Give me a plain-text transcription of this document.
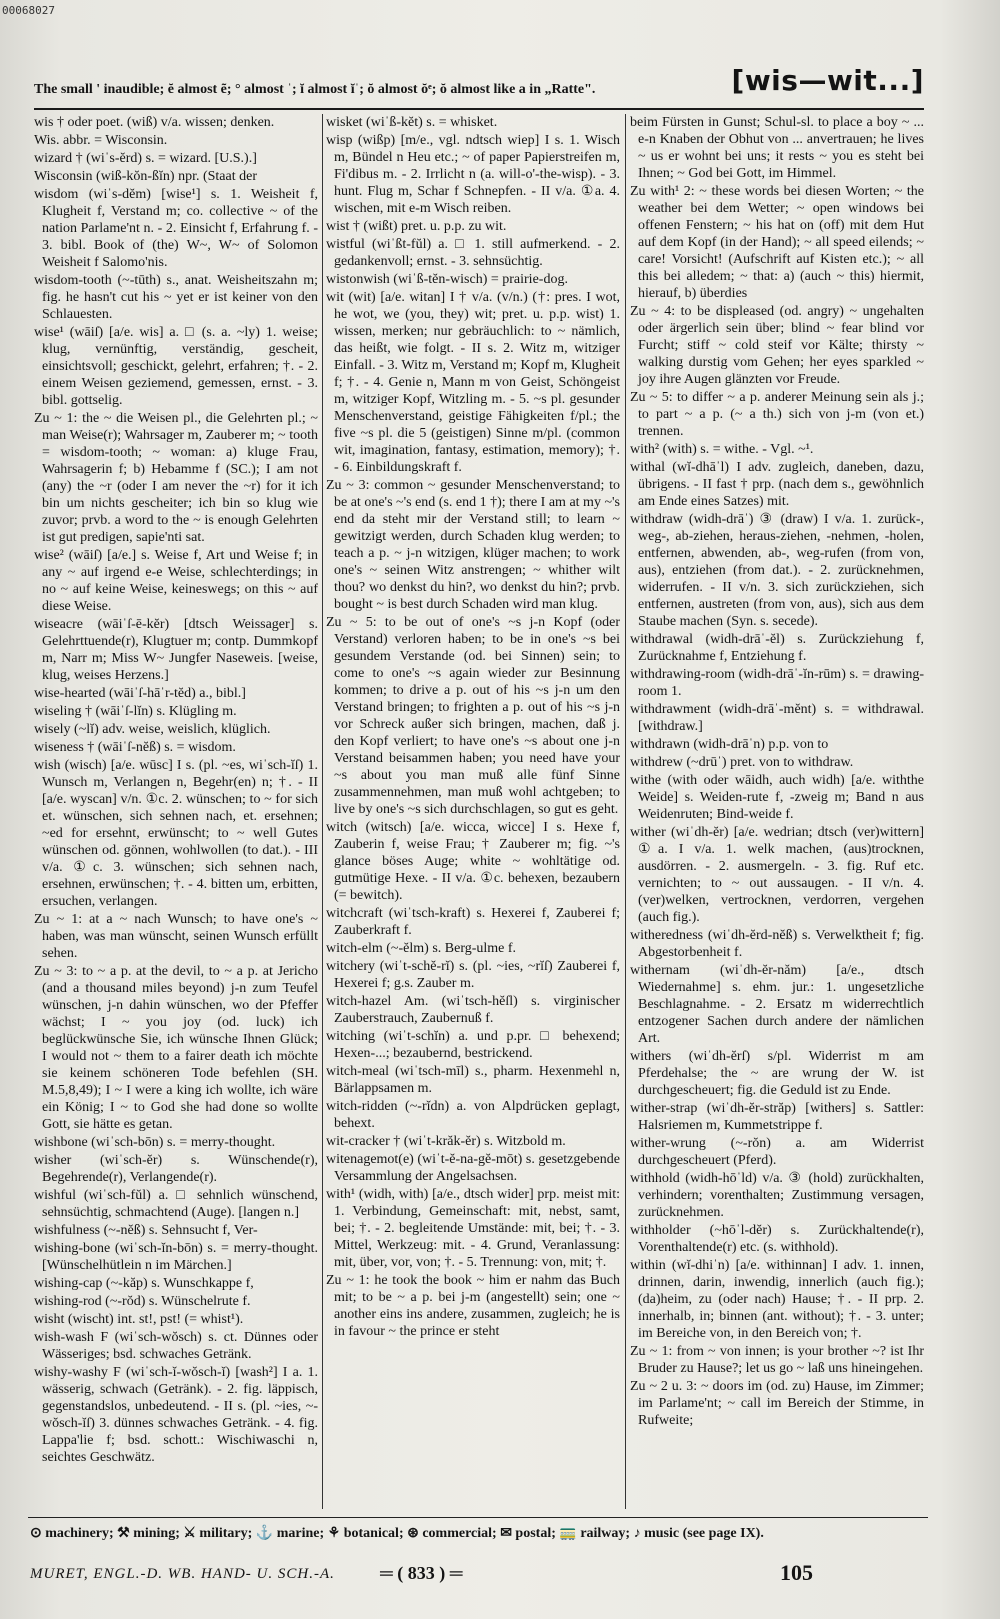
00068027
The small ' inaudible; ĕ almost ẽ; ° almost ˈ; ĭ almost ĭˈ; ŏ almost ŏᵉ; ŏ almost like a in „Ratte".	[wis—wit...]

wis † oder poet. (wiß) v/a. wissen; denken.

Wis. abbr. = Wisconsin.

wizard † (wiˈs-ĕrd) s. = wizard. [U.S.).]

Wisconsin (wiß-kŏn-ßĭn) npr. (Staat der

wisdom (wiˈs-dĕm) [wise¹] s. 1. Weisheit f, Klugheit f, Verstand m; co. collective ~ of the nation Parlame'nt n. - 2. Einsicht f, Erfahrung f. - 3. bibl. Book of (the) W~, W~ of Solomon Weisheit f Salomo'nis.

wisdom-tooth (~-tūth) s., anat. Weisheitszahn m; fig. he hasn't cut his ~ yet er ist keiner von den Schlauesten.

wise¹ (wāiſ) [a/e. wis] a. □ (s. a. ~ly) 1. weise; klug, vernünftig, verständig, gescheit, einsichtsvoll; geschickt, gelehrt, erfahren; †. - 2. einem Weisen geziemend, gemessen, ernst. - 3. bibl. gottselig.

Zu ~ 1: the ~ die Weisen pl., die Gelehrten pl.; ~ man Weise(r); Wahrsager m, Zauberer m; ~ tooth = wisdom-tooth; ~ woman: a) kluge Frau, Wahrsagerin f; b) Hebamme f (SC.); I am not (any) the ~r (oder I am never the ~r) for it ich bin um nichts gescheiter; ich bin so klug wie zuvor; prvb. a word to the ~ is enough Gelehrten ist gut predigen, sapie'nti sat.

wise² (wāiſ) [a/e.] s. Weise f, Art und Weise f; in any ~ auf irgend e-e Weise, schlechterdings; in no ~ auf keine Weise, keineswegs; on this ~ auf diese Weise.

wiseacre (wāiˈſ-ē-kĕr) [dtsch Weissager] s. Gelehrttuende(r), Klugtuer m; contp. Dummkopf m, Narr m; Miss W~ Jungfer Naseweis. [weise, klug, weises Herzens.]

wise-hearted (wāiˈſ-hāˈr-tĕd) a., bibl.]

wiseling † (wāiˈſ-lĭn) s. Klügling m.

wisely (~lĭ) adv. weise, weislich, klüglich.

wiseness † (wāiˈſ-nĕß) s. = wisdom.

wish (wisch) [a/e. wūsc] I s. (pl. ~es, wiˈsch-ĭſ) 1. Wunsch m, Verlangen n, Begehr(en) n; †. - II [a/e. wyscan] v/n. ①c. 2. wünschen; to ~ for sich et. wünschen, sich sehnen nach, et. ersehnen; ~ed for ersehnt, erwünscht; to ~ well Gutes wünschen od. gönnen, wohlwollen (to dat.). - III v/a. ①c. 3. wünschen; sich sehnen nach, ersehnen, erwünschen; †. - 4. bitten um, erbitten, ersuchen, verlangen.

Zu ~ 1: at a ~ nach Wunsch; to have one's ~ haben, was man wünscht, seinen Wunsch erfüllt sehen.

Zu ~ 3: to ~ a p. at the devil, to ~ a p. at Jericho (and a thousand miles beyond) j-n zum Teufel wünschen, j-n dahin wünschen, wo der Pfeffer wächst; I ~ you joy (od. luck) ich beglückwünsche Sie, ich wünsche Ihnen Glück; I would not ~ them to a fairer death ich möchte sie keinem schöneren Tode befehlen (SH. M.5,8,49); I ~ I were a king ich wollte, ich wäre ein König; I ~ to God she had done so wollte Gott, sie hätte es getan.

wishbone (wiˈsch-bōn) s. = merry-thought.

wisher (wiˈsch-ĕr) s. Wünschende(r), Begehrende(r), Verlangende(r).

wishful (wiˈsch-fŭl) a. □ sehnlich wünschend, sehnsüchtig, schmachtend (Auge). [langen n.]

wishfulness (~-nĕß) s. Sehnsucht f, Ver-

wishing-bone (wiˈsch-ĭn-bōn) s. = merry-thought. [Wünschelhütlein n im Märchen.]

wishing-cap (~-kăp) s. Wunschkappe f,

wishing-rod (~-rŏd) s. Wünschelrute f.

wisht (wischt) int. st!, pst! (= whist¹).

wish-wash F (wiˈsch-wŏsch) s. ct. Dünnes oder Wässeriges; bsd. schwaches Getränk.

wishy-washy F (wiˈsch-ĭ-wŏsch-ĭ) [wash²] I a. 1. wässerig, schwach (Getränk). - 2. fig. läppisch, gegenstandslos, unbedeutend. - II s. (pl. ~ies, ~-wŏsch-ĭſ) 3. dünnes schwaches Getränk. - 4. fig. Lappa'lie f; bsd. schott.: Wischiwaschi n, seichtes Geschwätz.

wisket (wiˈß-kĕt) s. = whisket.

wisp (wißp) [m/e., vgl. ndtsch wiep] I s. 1. Wisch m, Bündel n Heu etc.; ~ of paper Papierstreifen m, Fi'dibus m. - 2. Irrlicht n (a. will-o'-the-wisp). - 3. hunt. Flug m, Schar f Schnepfen. - II v/a. ①a. 4. wischen, mit e-m Wisch reiben.

wist † (wißt) pret. u. p.p. zu wit.

wistful (wiˈßt-fŭl) a. □ 1. still aufmerkend. - 2. gedankenvoll; ernst. - 3. sehnsüchtig.

wistonwish (wiˈß-tĕn-wisch) = prairie-dog.

wit (wit) [a/e. witan] I † v/a. (v/n.) (†: pres. I wot, he wot, we (you, they) wit; pret. u. p.p. wist) 1. wissen, merken; nur gebräuchlich: to ~ nämlich, das heißt, wie folgt. - II s. 2. Witz m, witziger Einfall. - 3. Witz m, Verstand m; Kopf m, Klugheit f; †. - 4. Genie n, Mann m von Geist, Schöngeist m, witziger Kopf, Witzling m. - 5. ~s pl. gesunder Menschenverstand, geistige Fähigkeiten f/pl.; the five ~s pl. die 5 (geistigen) Sinne m/pl. (common wit, imagination, fantasy, estimation, memory); †. - 6. Einbildungskraft f.

Zu ~ 3: common ~ gesunder Menschenverstand; to be at one's ~'s end (s. end 1 †); there I am at my ~'s end da steht mir der Verstand still; to learn ~ gewitzigt werden, durch Schaden klug werden; to teach a p. ~ j-n witzigen, klüger machen; to work one's ~ seinen Witz anstrengen; ~ whither wilt thou? wo denkst du hin?, wo denkst du hin?; prvb. bought ~ is best durch Schaden wird man klug.

Zu ~ 5: to be out of one's ~s j-n Kopf (oder Verstand) verloren haben; to be in one's ~s bei gesundem Verstande (od. bei Sinnen) sein; to come to one's ~s again wieder zur Besinnung kommen; to drive a p. out of his ~s j-n um den Verstand bringen; to frighten a p. out of his ~s j-n vor Schreck außer sich bringen, machen, daß j. den Kopf verliert; to have one's ~s about one j-n Verstand beisammen haben; you need have your ~s about you man muß alle fünf Sinne zusammennehmen, man muß wohl achtgeben; to live by one's ~s sich durchschlagen, so gut es geht.

witch (witsch) [a/e. wicca, wicce] I s. Hexe f, Zauberin f, weise Frau; † Zauberer m; fig. ~'s glance böses Auge; white ~ wohltätige od. gutmütige Hexe. - II v/a. ①c. behexen, bezaubern (= bewitch).

witchcraft (wiˈtsch-kraft) s. Hexerei f, Zauberei f; Zauberkraft f.

witch-elm (~-ĕlm) s. Berg-ulme f.

witchery (wiˈt-schĕ-rĭ) s. (pl. ~ies, ~rĭſ) Zauberei f, Hexerei f; g.s. Zauber m.

witch-hazel Am. (wiˈtsch-hĕſl) s. virginischer Zauberstrauch, Zaubernuß f.

witching (wiˈt-schĭn) a. und p.pr. □ behexend; Hexen-...; bezaubernd, bestrickend.

witch-meal (wiˈtsch-mīl) s., pharm. Hexenmehl n, Bärlappsamen m.

witch-ridden (~-rĭdn) a. von Alpdrücken geplagt, behext.

wit-cracker † (wiˈt-krăk-ĕr) s. Witzbold m.

witenagemot(e) (wiˈt-ĕ-na-gĕ-mōt) s. gesetzgebende Versammlung der Angelsachsen.

with¹ (widh, with) [a/e., dtsch wider] prp. meist mit: 1. Verbindung, Gemeinschaft: mit, nebst, samt, bei; †. - 2. begleitende Umstände: mit, bei; †. - 3. Mittel, Werkzeug: mit. - 4. Grund, Veranlassung: mit, über, vor, von; †. - 5. Trennung: von, mit; †.

Zu ~ 1: he took the book ~ him er nahm das Buch mit; to be ~ a p. bei j-m (angestellt) sein; one ~ another eins ins andere, zusammen, zugleich; he is in favour ~ the prince er steht

beim Fürsten in Gunst; Schul-sl. to place a boy ~ ... e-n Knaben der Obhut von ... anvertrauen; he lives ~ us er wohnt bei uns; it rests ~ you es steht bei Ihnen; ~ God bei Gott, im Himmel.

Zu with¹ 2: ~ these words bei diesen Worten; ~ the weather bei dem Wetter; ~ open windows bei offenen Fenstern; ~ his hat on (off) mit dem Hut auf dem Kopf (in der Hand); ~ all speed eilends; ~ care! Vorsicht! (Aufschrift auf Kisten etc.); ~ all this bei alledem; ~ that: a) (auch ~ this) hiermit, hierauf, b) überdies

Zu ~ 4: to be displeased (od. angry) ~ ungehalten oder ärgerlich sein über; blind ~ fear blind vor Furcht; stiff ~ cold steif vor Kälte; thirsty ~ walking durstig vom Gehen; her eyes sparkled ~ joy ihre Augen glänzten vor Freude.

Zu ~ 5: to differ ~ a p. anderer Meinung sein als j.; to part ~ a p. (~ a th.) sich von j-m (von et.) trennen.

with² (with) s. = withe. - Vgl. ~¹.

withal (wĭ-dhāˈl) I adv. zugleich, daneben, dazu, übrigens. - II fast † prp. (nach dem s., gewöhnlich am Ende eines Satzes) mit.

withdraw (widh-drāˈ) ③ (draw) I v/a. 1. zurück-, weg-, ab-ziehen, heraus-ziehen, -nehmen, -holen, entfernen, abwenden, ab-, weg-rufen (from von, aus), entziehen (from dat.). - 2. zurücknehmen, widerrufen. - II v/n. 3. sich zurückziehen, sich entfernen, austreten (from von, aus), sich aus dem Staube machen (Syn. s. secede).

withdrawal (widh-drāˈ-ĕl) s. Zurückziehung f, Zurücknahme f, Entziehung f.

withdrawing-room (widh-drāˈ-ĭn-rūm) s. = drawing-room 1.

withdrawment (widh-drāˈ-mĕnt) s. = withdrawal. [withdraw.]

withdrawn (widh-drāˈn) p.p. von to

withdrew (~drūˈ) pret. von to withdraw.

withe (with oder wāidh, auch widh) [a/e. withthe Weide] s. Weiden-rute f, -zweig m; Band n aus Weidenruten; Bind-weide f.

wither (wiˈdh-ĕr) [a/e. wedrian; dtsch (ver)wittern] ①a. I v/a. 1. welk machen, (aus)trocknen, ausdörren. - 2. ausmergeln. - 3. fig. Ruf etc. vernichten; to ~ out aussaugen. - II v/n. 4. (ver)welken, vertrocknen, verdorren, vergehen (auch fig.).

witheredness (wiˈdh-ĕrd-nĕß) s. Verwelktheit f; fig. Abgestorbenheit f.

withernam (wiˈdh-ĕr-năm) [a/e., dtsch Wiedernahme] s. ehm. jur.: 1. ungesetzliche Beschlagnahme. - 2. Ersatz m widerrechtlich entzogener Sachen durch andere der nämlichen Art.

withers (wiˈdh-ĕrſ) s/pl. Widerrist m am Pferdehalse; the ~ are wrung der W. ist durchgescheuert; fig. die Geduld ist zu Ende.

wither-strap (wiˈdh-ĕr-străp) [withers] s. Sattler: Halsriemen m, Kummetstrippe f.

wither-wrung (~-rŏn) a. am Widerrist durchgescheuert (Pferd).

withhold (widh-hōˈld) v/a. ③ (hold) zurückhalten, verhindern; vorenthalten; Zustimmung versagen, zurücknehmen.

withholder (~hōˈl-dĕr) s. Zurückhaltende(r), Vorenthaltende(r) etc. (s. withhold).

within (wĭ-dhiˈn) [a/e. withinnan] I adv. 1. innen, drinnen, darin, inwendig, innerlich (auch fig.); (da)heim, zu (oder nach) Hause; †. - II prp. 2. innerhalb, in; binnen (ant. without); †. - 3. unter; im Bereiche von, in den Bereich von; †.

Zu ~ 1: from ~ von innen; is your brother ~? ist Ihr Bruder zu Hause?; let us go ~ laß uns hineingehen.

Zu ~ 2 u. 3: ~ doors im (od. zu) Hause, im Zimmer; im Parlame'nt; ~ call im Bereich der Stimme, in Rufweite;

⊙ machinery; ⚒ mining; ⚔ military; ⚓ marine; ⚘ botanical; ⊛ commercial; ✉ postal; 🚃 railway; ♪ music (see page IX).
MURET, ENGL.-D. WB. HAND- U. SCH.-A.	═ ( 833 ) ═	105
